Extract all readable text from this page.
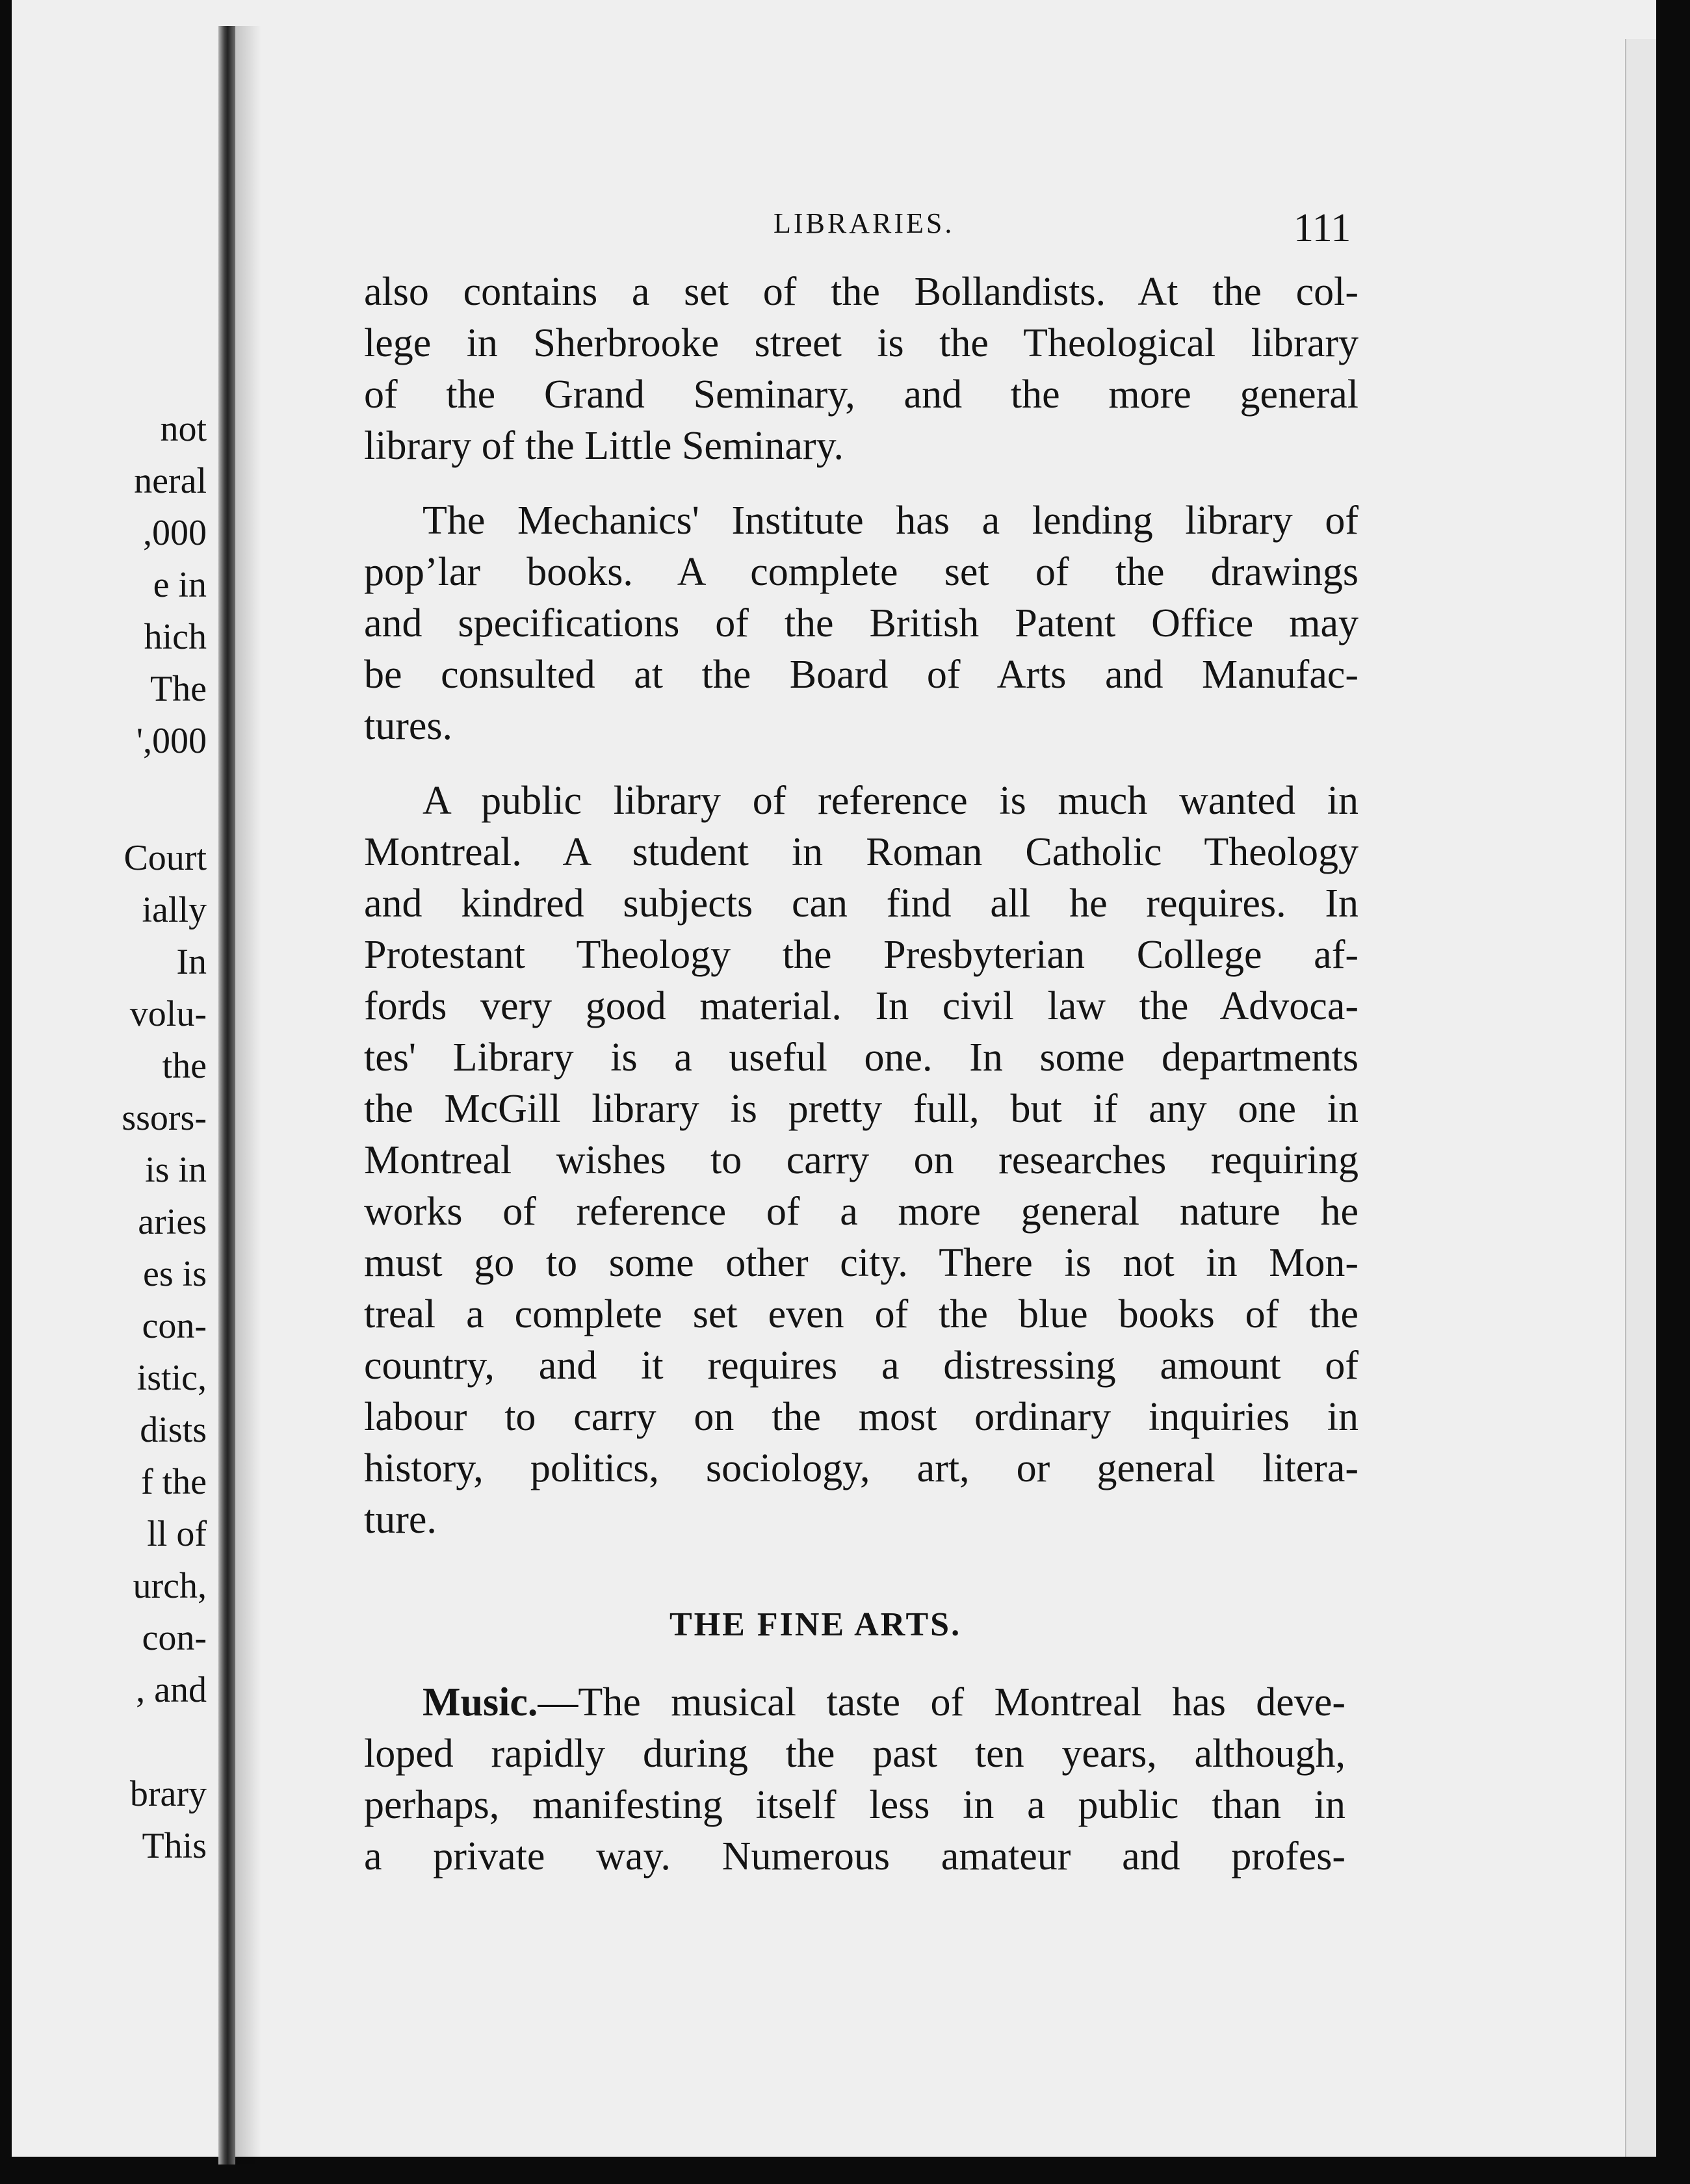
not
neral
,000
e in
hich
The
',000
Court
ially
In
volu-
the
ssors-
is in
aries
es is
con-
istic,
dists
f the
ll of
urch,
con-
, and
brary
This
LIBRARIES.	111

also contains a set of the Bollandists. At the col-
lege in Sherbrooke street is the Theological library
of the Grand Seminary, and the more general
library of the Little Seminary.

The Mechanics' Institute has a lending library of
popʼlar books. A complete set of the drawings
and specifications of the British Patent Office may
be consulted at the Board of Arts and Manufac-
tures.

A public library of reference is much wanted in
Montreal. A student in Roman Catholic Theology
and kindred subjects can find all he requires. In
Protestant Theology the Presbyterian College af-
fords very good material. In civil law the Advoca-
tes' Library is a useful one. In some departments
the McGill library is pretty full, but if any one in
Montreal wishes to carry on researches requiring
works of reference of a more general nature he
must go to some other city. There is not in Mon-
treal a complete set even of the blue books of the
country, and it requires a distressing amount of
labour to carry on the most ordinary inquiries in
history, politics, sociology, art, or general litera-
ture.

THE FINE ARTS.

Music.—The musical taste of Montreal has deve-
loped rapidly during the past ten years, although,
perhaps, manifesting itself less in a public than in
a private way. Numerous amateur and profes-
